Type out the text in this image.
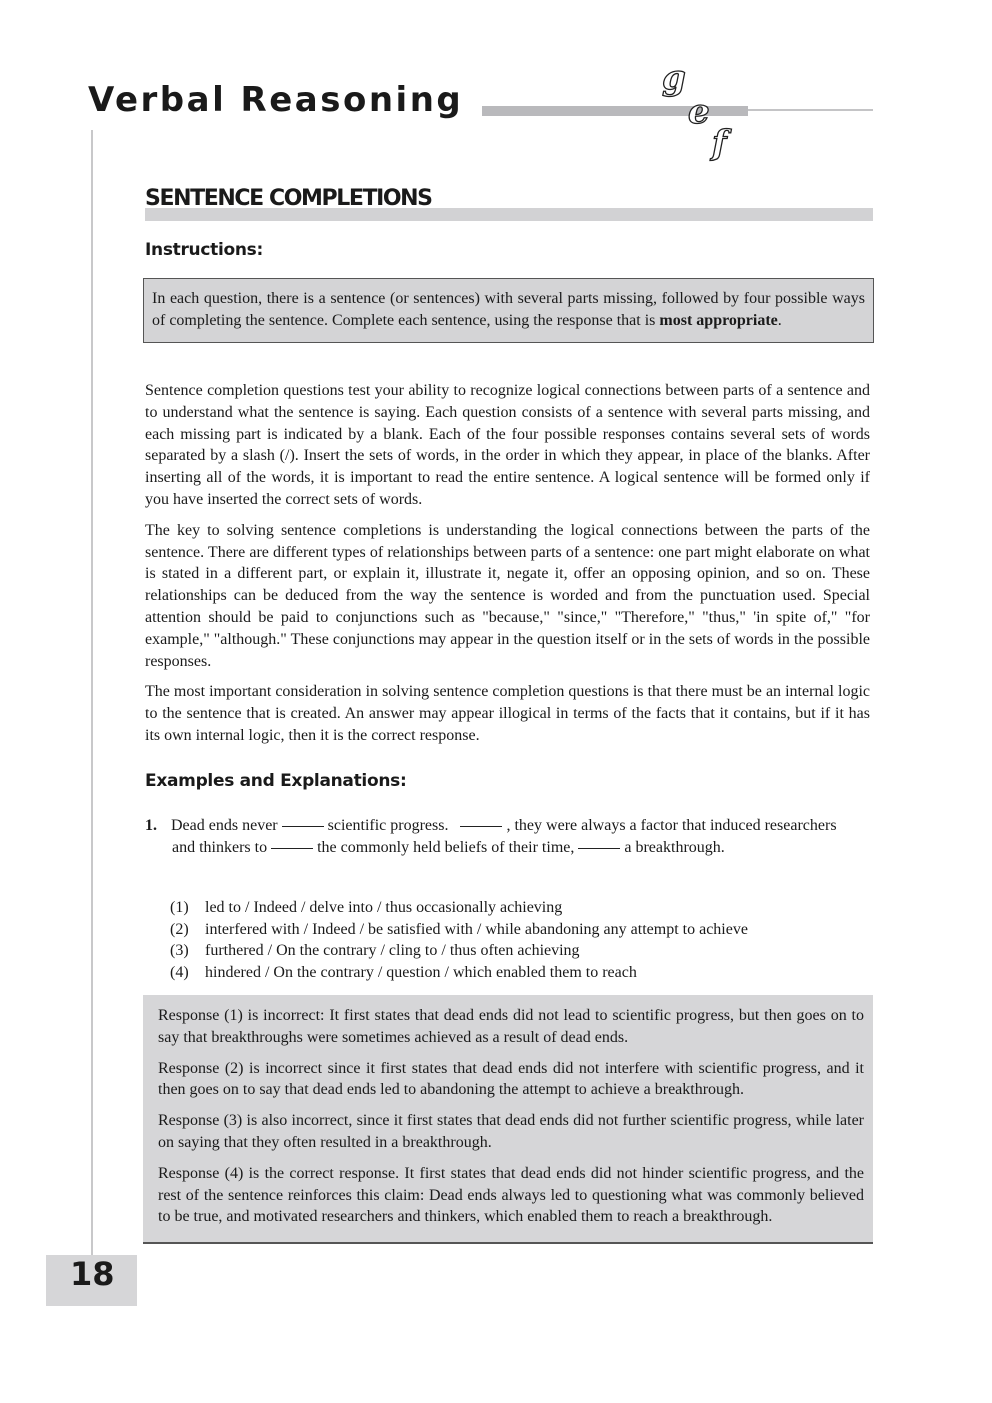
Verbal Reasoning
g
e
f
18
SENTENCE COMPLETIONS
Instructions:
In each question, there is a sentence (or sentences) with several parts missing, followed by four possible ways of completing the sentence. Complete each sentence, using the response that is most appropriate.

Sentence completion questions test your ability to recognize logical connections between parts of a sentence and to understand what the sentence is saying. Each question consists of a sentence with several parts missing, and each missing part is indicated by a blank. Each of the four possible responses contains several sets of words separated by a slash (/). Insert the sets of words, in the order in which they appear, in place of the blanks. After inserting all of the words, it is important to read the entire sentence. A logical sentence will be formed only if you have inserted the correct sets of words.

The key to solving sentence completions is understanding the logical connections between the parts of the sentence. There are different types of relationships between parts of a sentence: one part might elaborate on what is stated in a different part, or explain it, illustrate it, negate it, offer an opposing opinion, and so on. These relationships can be deduced from the way the sentence is worded and from the punctuation used. Special attention should be paid to conjunctions such as "because," "since," "Therefore," "thus," 'in spite of," "for example," "although." These conjunctions may appear in the question itself or in the sets of words in the possible responses.

The most important consideration in solving sentence completion questions is that there must be an internal logic to the sentence that is created. An answer may appear illogical in terms of the facts that it contains, but if it has its own internal logic, then it is the correct response.

Examples and Explanations:
1. Dead ends never	scientific progress.	, they were always a factor that induced researchers and thinkers to	the commonly held beliefs of their time,	a breakthrough.
(1) led to / Indeed / delve into / thus occasionally achieving
(2) interfered with / Indeed / be satisfied with / while abandoning any attempt to achieve
(3) furthered / On the contrary / cling to / thus often achieving
(4) hindered / On the contrary / question / which enabled them to reach

Response (1) is incorrect: It first states that dead ends did not lead to scientific progress, but then goes on to say that breakthroughs were sometimes achieved as a result of dead ends.

Response (2) is incorrect since it first states that dead ends did not interfere with scientific progress, and it then goes on to say that dead ends led to abandoning the attempt to achieve a breakthrough.

Response (3) is also incorrect, since it first states that dead ends did not further scientific progress, while later on saying that they often resulted in a breakthrough.

Response (4) is the correct response. It first states that dead ends did not hinder scientific progress, and the rest of the sentence reinforces this claim: Dead ends always led to questioning what was commonly believed to be true, and motivated researchers and thinkers, which enabled them to reach a breakthrough.
